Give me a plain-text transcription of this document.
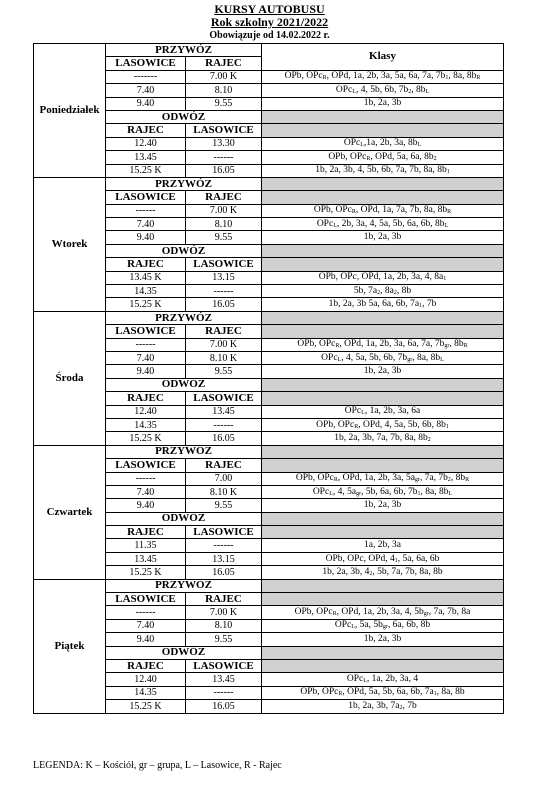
KURSY AUTOBUSU
Rok szkolny 2021/2022
Obowiązuje od 14.02.2022 r.
Poniedziałek	PRZYWÓZ		Klasy
	LASOWICE	RAJEC	
	-------	7.00 K	OPb, OPc$_R$, OPd, 1a, 2b, 3a, 5a, 6a, 7a, $7b_1$, 8a, $8b_R$
	7.40	8.10	OPc$_L$, 4, 5b, 6b, $7b_2$, $8b_L$
	9.40	9.55	1b, 2a, 3b
	ODWÓZ		
	RAJEC	LASOWICE	
	12.40	13.30	OPc$_L$,1a, 2b, 3a, $8b_L$
	13.45	------	OPb, OPc$_R$, OPd, 5a, 6a, $8b_2$
	15.25 K	16.05	1b, 2a, 3b, 4, 5b, 6b, 7a, 7b, 8a, $8b_1$
Wtorek	PRZYWÓZ		
	LASOWICE	RAJEC	
	------	7.00 K	OPb, OPc$_R$, OPd, 1a, 7a, 7b, 8a, $8b_R$
	7.40	8.10	OPc$_L$, 2b, 3a, 4, 5a, 5b, 6a, 6b, $8b_L$
	9.40	9.55	1b, 2a, 3b
	ODWÓZ		
	RAJEC	LASOWICE	
	13.45 K	13.15	OPb, OPc, OPd, 1a, 2b, 3a, 4, $8a_1$
	14.35	------	5b, $7a_2$, $8a_2$, 8b
	15.25 K	16.05	1b, 2a, 3b 5a, 6a, 6b, $7a_1$, 7b
Środa	PRZYWÓZ		
	LASOWICE	RAJEC	
	------	7.00 K	OPb, OPc$_R$, OPd, 1a, 2b, 3a, 6a, 7a, $7b_{gr}$, $8b_R$
	7.40	8.10 K	OPc$_L$, 4, 5a, 5b, 6b, $7b_{gr}$, 8a, $8b_L$
	9.40	9.55	1b, 2a, 3b
	ODWÓZ		
	RAJEC	LASOWICE	
	12.40	13.45	OPc$_L$, 1a, 2b, 3a, 6a
	14.35	------	OPb, OPc$_R$, OPd, 4, 5a, 5b, 6b, $8b_1$
	15.25 K	16.05	1b, 2a, 3b, 7a, 7b, 8a, $8b_2$
Czwartek	PRZYWÓZ		
	LASOWICE	RAJEC	
	------	7.00	OPb, OPc$_R$, OPd, 1a, 2b, 3a, $5a_{gr}$, 7a, $7b_2$, $8b_R$
	7.40	8.10 K	OPc$_L$, 4, $5a_{gr}$, 5b, 6a, 6b, $7b_1$, 8a, $8b_L$
	9.40	9.55	1b, 2a, 3b
	ODWÓZ		
	RAJEC	LASOWICE	
	11.35	------	1a, 2b, 3a
	13.45	13.15	OPb, OPc, OPd, $4_1$, 5a, 6a, 6b
	15.25 K	16.05	1b, 2a, 3b, $4_2$, 5b, 7a, 7b, 8a, 8b
Piątek	PRZYWÓZ		
	LASOWICE	RAJEC	
	------	7.00 K	OPb, OPc$_R$, OPd, 1a, 2b, 3a, 4, $5b_{gr}$, 7a, 7b, 8a
	7.40	8.10	OPc$_L$, 5a, $5b_{gr}$, 6a, 6b, 8b
	9.40	9.55	1b, 2a, 3b
	ODWÓZ		
	RAJEC	LASOWICE	
	12.40	13.45	OPc$_L$, 1a, 2b, 3a, 4
	14.35	------	OPb, OPc$_R$, OPd, 5a, 5b, 6a, 6b, $7a_1$, 8a, 8b
	15.25 K	16.05	1b, 2a, 3b, $7a_2$, 7b
LEGENDA: K – Kościół, gr – grupa, L – Lasowice, R - Rajec
